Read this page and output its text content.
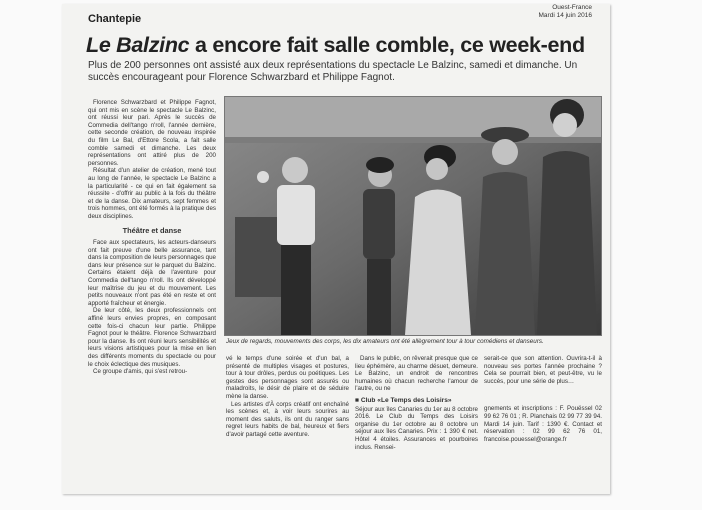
Chantepie
Ouest-France
Mardi 14 juin 2016
Le Balzinc a encore fait salle comble, ce week-end
Plus de 200 personnes ont assisté aux deux représentations du spectacle Le Balzinc, samedi et dimanche. Un succès encourageant pour Florence Schwarzbard et Philippe Fagnot.

Florence Schwarzbard et Philippe Fagnot, qui ont mis en scène le spectacle Le Balzinc, ont réussi leur pari. Après le succès de Commedia dell'tango n'roll, l'année dernière, cette seconde création, de nouveau inspirée du film Le Bal, d'Ettore Scola, a fait salle comble samedi et dimanche. Les deux représentations ont attiré plus de 200 personnes.

Résultat d'un atelier de création, mené tout au long de l'année, le spectacle Le Balzinc a la particularité - ce qui en fait également sa réussite - d'offrir au public à la fois du théâtre et de la danse. Dix amateurs, sept femmes et trois hommes, ont été formés à la pratique des deux disciplines.

Théâtre et danse

Face aux spectateurs, les acteurs-danseurs ont fait preuve d'une belle assurance, tant dans la composition de leurs personnages que dans leur présence sur le parquet du Balzinc. Certains étaient déjà de l'aventure pour Commedia dell'tango n'roll. Ils ont développé leur maîtrise du jeu et du mouvement. Les petits nouveaux n'ont pas été en reste et ont apporté fraîcheur et énergie.

De leur côté, les deux professionnels ont affiné leurs envies propres, en composant cette fois-ci chacun leur partie. Philippe Fagnot pour le théâtre. Florence Schwarzbard pour la danse. Ils ont réuni leurs sensibilités et leurs visions artistiques pour la mise en lien des différents moments du spectacle ou pour le choix éclectique des musiques.

Ce groupe d'amis, qui s'est retrou-

Jeux de regards, mouvements des corps, les dix amateurs ont été allègrement tour à tour comédiens et danseurs.

vé le temps d'une soirée et d'un bal, a présenté de multiples visages et postures, tour à tour drôles, perdus ou poétiques. Les gestes des personnages sont assurés ou maladroits, le désir de plaire et de séduire mène la danse.

Les artistes d'À corps créatif ont enchaîné les scènes et, à voir leurs sourires au moment des saluts, ils ont du ranger sans regret leurs habits de bal, heureux et fiers d'avoir partagé cette aventure.

Dans le public, on rêverait presque que ce lieu éphémère, au charme désuet, demeure. Le Balzinc, un endroit de rencontres humaines où chacun recherche l'amour de l'autre, ou ne

■ Club «Le Temps des Loisirs»

Séjour aux îles Canaries du 1er au 8 octobre 2016. Le Club du Temps des Loisirs organise du 1er octobre au 8 octobre un séjour aux îles Canaries. Prix : 1 390 € net. Hôtel 4 étoiles. Assurances et pourboires inclus. Rensei-

serait-ce que son attention. Ouvrira-t-il à nouveau ses portes l'année prochaine ? Cela se pourrait bien, et peut-être, vu le succès, pour une série de plus…

gnements et inscriptions : F. Pouëssel 02 99 62 76 01 ; R. Planchais 02 99 77 39 94. Mardi 14 juin. Tarif : 1390 €. Contact et réservation : 02 99 62 76 01, francoise.pouessel@orange.fr
